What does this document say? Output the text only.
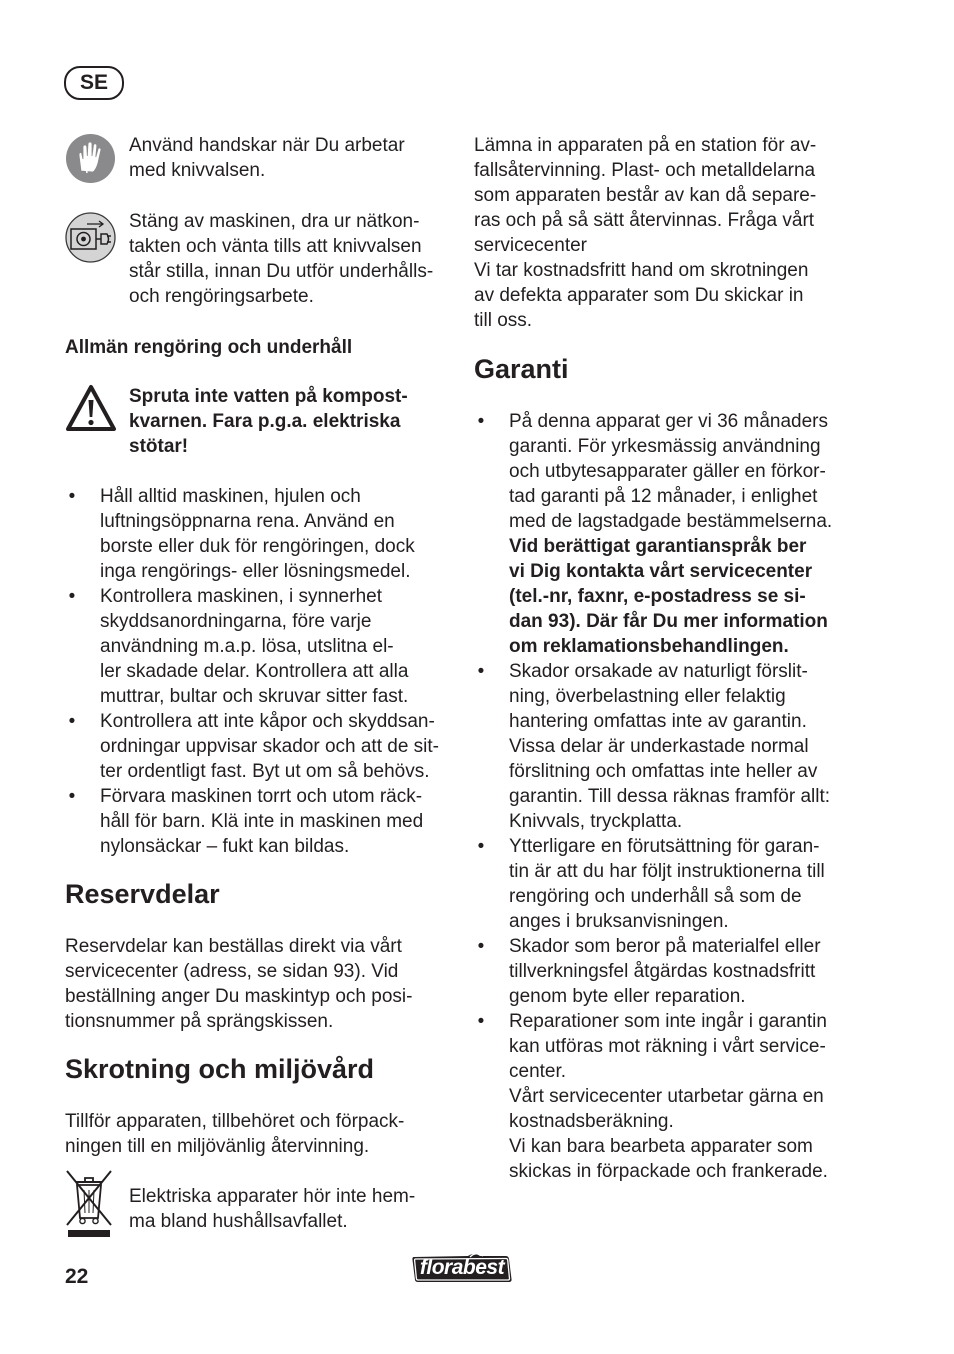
SE
Använd handskar när Du arbetar
med knivvalsen.
Stäng av maskinen, dra ur nätkon-
takten och vänta tills att knivvalsen
står stilla, innan Du utför underhålls-
och rengöringsarbete.
Allmän rengöring och underhåll
Spruta inte vatten på kompost-
kvarnen. Fara p.g.a. elektriska
stötar!
• Håll alltid maskinen, hjulen och
luftningsöppnarna rena. Använd en
borste eller duk för rengöringen, dock
inga rengörings- eller lösningsmedel.
• Kontrollera maskinen, i synnerhet
skyddsanordningarna, före varje
användning m.a.p. lösa, utslitna el-
ler skadade delar. Kontrollera att alla
muttrar, bultar och skruvar sitter fast.
• Kontrollera att inte kåpor och skyddsan-
ordningar uppvisar skador och att de sit-
ter ordentligt fast. Byt ut om så behövs.
• Förvara maskinen torrt och utom räck-
håll för barn. Klä inte in maskinen med
nylonsäckar – fukt kan bildas.
Reservdelar
Reservdelar kan beställas direkt via vårt
servicecenter (adress, se sidan 93). Vid
beställning anger Du maskintyp och posi-
tionsnummer på sprängskissen.
Skrotning och miljövård
Tillför apparaten, tillbehöret och förpack-
ningen till en miljövänlig återvinning.
Elektriska apparater hör inte hem-
ma bland hushållsavfallet.
Lämna in apparaten på en station för av-
fallsåtervinning. Plast- och metalldelarna
som apparaten består av kan då separe-
ras och på så sätt återvinnas. Fråga vårt
servicecenter
Vi tar kostnadsfritt hand om skrotningen
av defekta apparater som Du skickar in
till oss.
Garanti
• På denna apparat ger vi 36 månaders
garanti. För yrkesmässig användning
och utbytesapparater gäller en förkor-
tad garanti på 12 månader, i enlighet
med de lagstadgade bestämmelserna.
Vid berättigat garantianspråk ber
vi Dig kontakta vårt servicecenter
(tel.-nr, faxnr, e-postadress se si-
dan 93). Där får Du mer information
om reklamationsbehandlingen.
• Skador orsakade av naturligt förslit-
ning, överbelastning eller felaktig
hantering omfattas inte av garantin.
Vissa delar är underkastade normal
förslitning och omfattas inte heller av
garantin. Till dessa räknas framför allt:
Knivvals, tryckplatta.
• Ytterligare en förutsättning för garan-
tin är att du har följt instruktionerna till
rengöring och underhåll så som de
anges i bruksanvisningen.
• Skador som beror på materialfel eller
tillverkningsfel åtgärdas kostnadsfritt
genom byte eller reparation.
• Reparationer som inte ingår i garantin
kan utföras mot räkning i vårt service-
center.
Vårt servicecenter utarbetar gärna en
kostnadsberäkning.
Vi kan bara bearbeta apparater som
skickas in förpackade och frankerade.
22	florabest
